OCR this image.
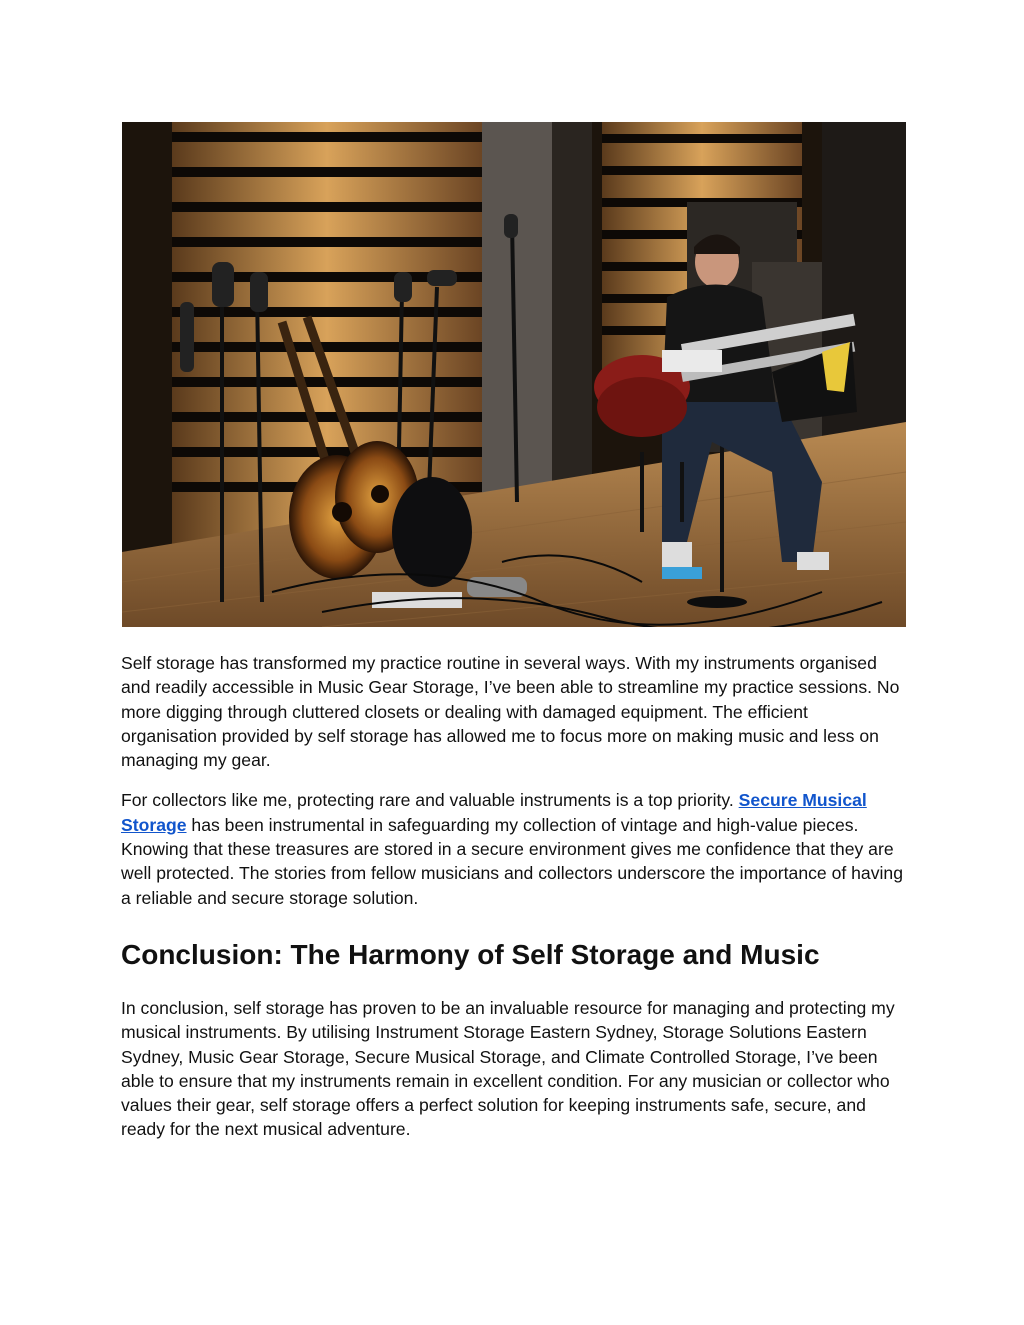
Self storage has transformed my practice routine in several ways. With my instruments organised and readily accessible in Music Gear Storage, I’ve been able to streamline my practice sessions. No more digging through cluttered closets or dealing with damaged equipment. The efficient organisation provided by self storage has allowed me to focus more on making music and less on managing my gear.

For collectors like me, protecting rare and valuable instruments is a top priority. Secure Musical Storage has been instrumental in safeguarding my collection of vintage and high-value pieces. Knowing that these treasures are stored in a secure environment gives me confidence that they are well protected. The stories from fellow musicians and collectors underscore the importance of having a reliable and secure storage solution.

Conclusion: The Harmony of Self Storage and Music

In conclusion, self storage has proven to be an invaluable resource for managing and protecting my musical instruments. By utilising Instrument Storage Eastern Sydney, Storage Solutions Eastern Sydney, Music Gear Storage, Secure Musical Storage, and Climate Controlled Storage, I’ve been able to ensure that my instruments remain in excellent condition. For any musician or collector who values their gear, self storage offers a perfect solution for keeping instruments safe, secure, and ready for the next musical adventure.
